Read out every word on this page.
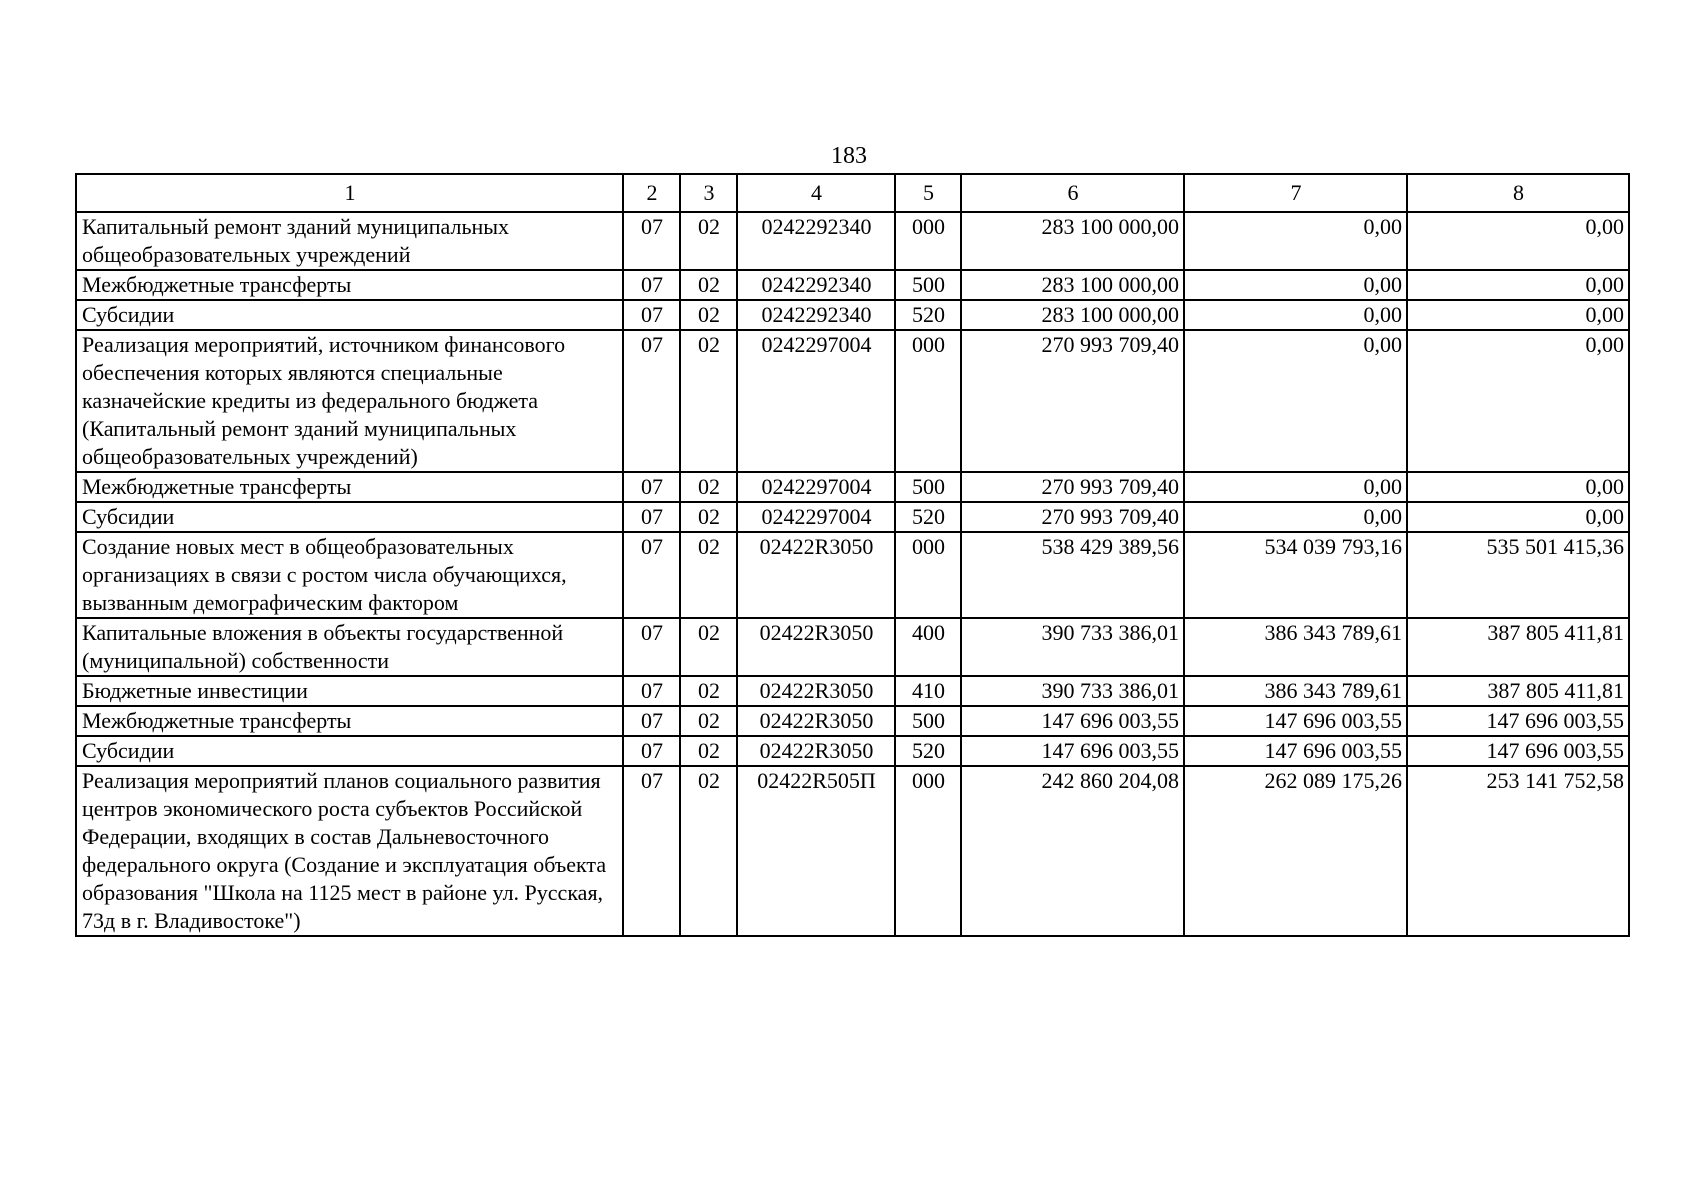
183
1	2	3	4	5	6	7	8
Капитальный ремонт зданий муниципальных общеобразовательных учреждений	07	02	0242292340	000	283 100 000,00	0,00	0,00
Межбюджетные трансферты	07	02	0242292340	500	283 100 000,00	0,00	0,00
Субсидии	07	02	0242292340	520	283 100 000,00	0,00	0,00
Реализация мероприятий, источником финансового обеспечения которых являются специальные казначейские кредиты из федерального бюджета (Капитальный ремонт зданий муниципальных общеобразовательных учреждений)	07	02	0242297004	000	270 993 709,40	0,00	0,00
Межбюджетные трансферты	07	02	0242297004	500	270 993 709,40	0,00	0,00
Субсидии	07	02	0242297004	520	270 993 709,40	0,00	0,00
Создание новых мест в общеобразовательных организациях в связи с ростом числа обучающихся, вызванным демографическим фактором	07	02	02422R3050	000	538 429 389,56	534 039 793,16	535 501 415,36
Капитальные вложения в объекты государственной (муниципальной) собственности	07	02	02422R3050	400	390 733 386,01	386 343 789,61	387 805 411,81
Бюджетные инвестиции	07	02	02422R3050	410	390 733 386,01	386 343 789,61	387 805 411,81
Межбюджетные трансферты	07	02	02422R3050	500	147 696 003,55	147 696 003,55	147 696 003,55
Субсидии	07	02	02422R3050	520	147 696 003,55	147 696 003,55	147 696 003,55
Реализация мероприятий планов социального развития центров экономического роста субъектов Российской Федерации, входящих в состав Дальневосточного федерального округа (Создание и эксплуатация объекта образования "Школа на 1125 мест в районе ул. Русская, 73д в г. Владивостоке")	07	02	02422R505П	000	242 860 204,08	262 089 175,26	253 141 752,58
